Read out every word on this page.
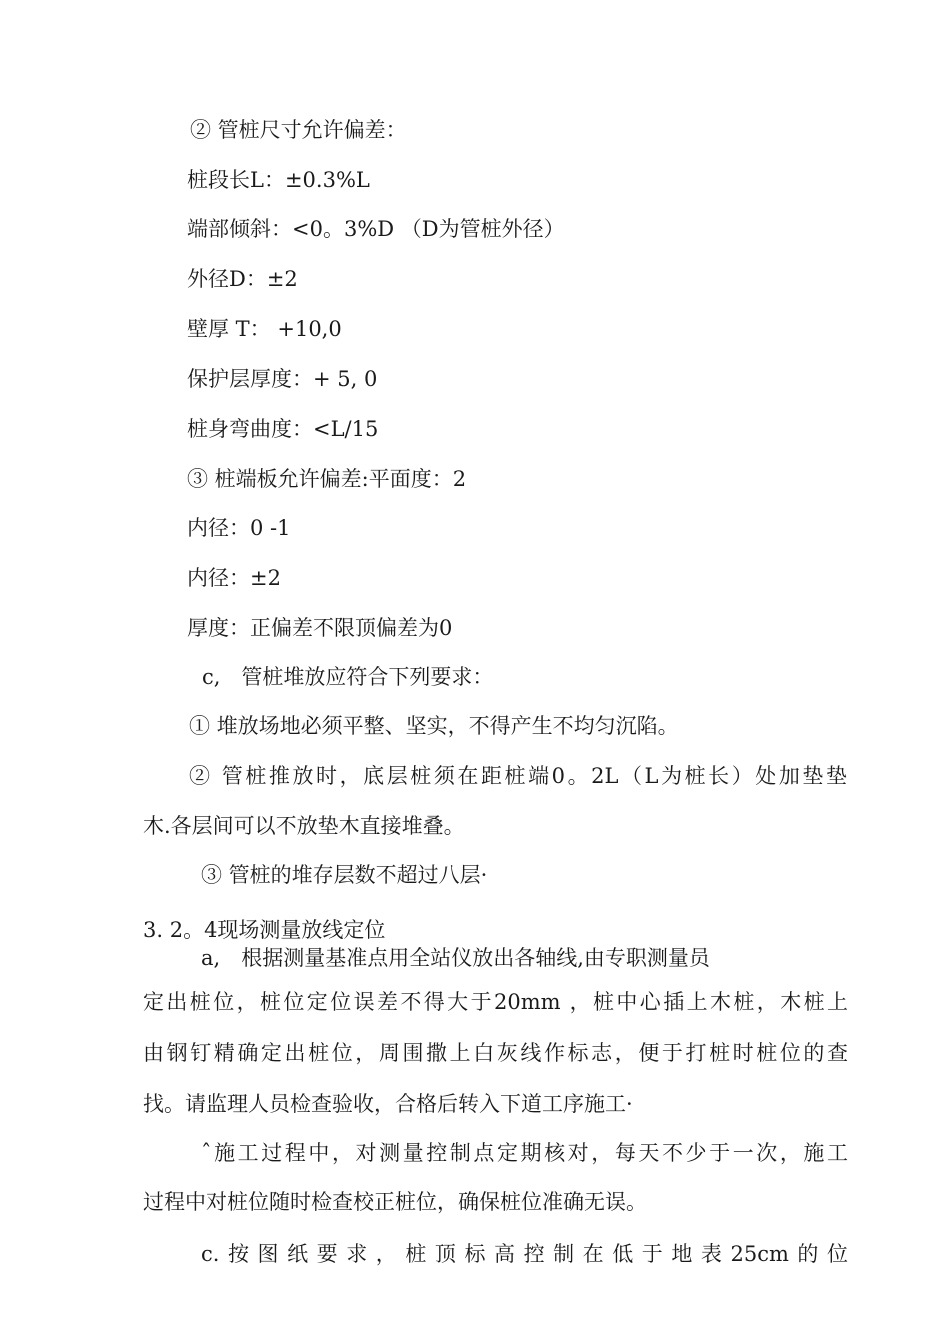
② 管桩尺寸允许偏差：
桩段长L：±0.3%L
端部倾斜：<0。3%D （D为管桩外径）
外径D：±2
壁厚 T： +10,0
保护层厚度：+ 5, 0
桩身弯曲度：<L/15
③ 桩端板允许偏差:平面度：2
内径：0 -1
内径：±2
厚度：正偏差不限顶偏差为0
c,　管桩堆放应符合下列要求：
① 堆放场地必须平整、坚实，不得产生不均匀沉陷。
② 管桩推放时，底层桩须在距桩端0。2L（L为桩长）处加垫垫
木.各层间可以不放垫木直接堆叠。
③ 管桩的堆存层数不超过八层·
3. 2。4现场测量放线定位
a,　根据测量基准点用全站仪放出各轴线,由专职测量员
定出桩位，桩位定位误差不得大于20mm ，桩中心插上木桩，木桩上
由钢钉精确定出桩位，周围撒上白灰线作标志，便于打桩时桩位的查
找。请监理人员检查验收，合格后转入下道工序施工·
ˆ施工过程中，对测量控制点定期核对，每天不少于一次，施工
过程中对桩位随时检查校正桩位，确保桩位准确无误。
c.按图纸要求，桩顶标高控制在低于地表25cm的位
